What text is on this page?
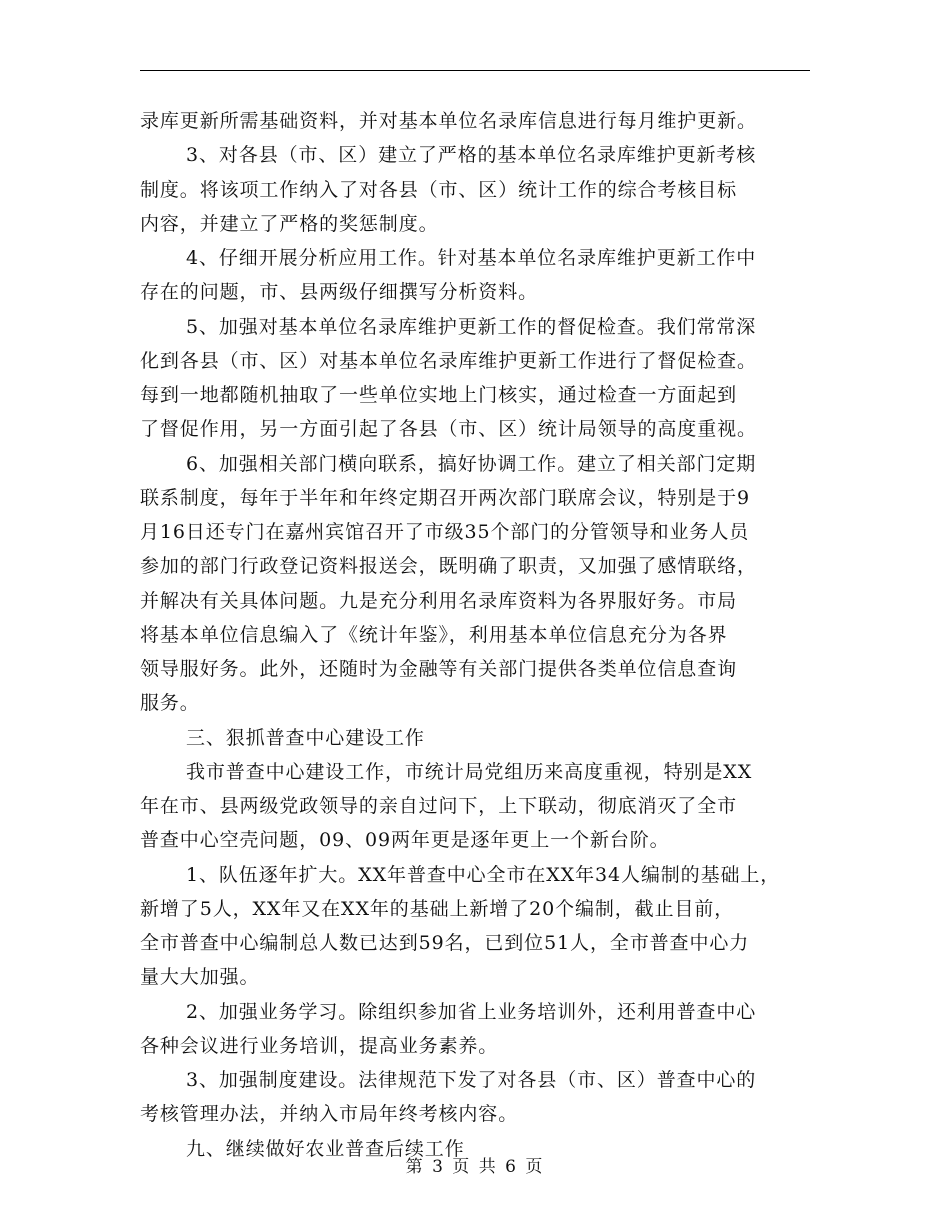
录库更新所需基础资料，并对基本单位名录库信息进行每月维护更新。
3、对各县（市、区）建立了严格的基本单位名录库维护更新考核
制度。将该项工作纳入了对各县（市、区）统计工作的综合考核目标
内容，并建立了严格的奖惩制度。
4、仔细开展分析应用工作。针对基本单位名录库维护更新工作中
存在的问题，市、县两级仔细撰写分析资料。
5、加强对基本单位名录库维护更新工作的督促检查。我们常常深
化到各县（市、区）对基本单位名录库维护更新工作进行了督促检查。
每到一地都随机抽取了一些单位实地上门核实，通过检查一方面起到
了督促作用，另一方面引起了各县（市、区）统计局领导的高度重视。
6、加强相关部门横向联系，搞好协调工作。建立了相关部门定期
联系制度，每年于半年和年终定期召开两次部门联席会议，特别是于9
月16日还专门在嘉州宾馆召开了市级35个部门的分管领导和业务人员
参加的部门行政登记资料报送会，既明确了职责，又加强了感情联络，
并解决有关具体问题。九是充分利用名录库资料为各界服好务。市局
将基本单位信息编入了《统计年鉴》，利用基本单位信息充分为各界
领导服好务。此外，还随时为金融等有关部门提供各类单位信息查询
服务。
三、狠抓普查中心建设工作
我市普查中心建设工作，市统计局党组历来高度重视，特别是XX
年在市、县两级党政领导的亲自过问下，上下联动，彻底消灭了全市
普查中心空壳问题，09、09两年更是逐年更上一个新台阶。
1、队伍逐年扩大。XX年普查中心全市在XX年34人编制的基础上，
新增了5人，XX年又在XX年的基础上新增了20个编制，截止目前，
全市普查中心编制总人数已达到59名，已到位51人，全市普查中心力
量大大加强。
2、加强业务学习。除组织参加省上业务培训外，还利用普查中心
各种会议进行业务培训，提高业务素养。
3、加强制度建设。法律规范下发了对各县（市、区）普查中心的
考核管理办法，并纳入市局年终考核内容。
九、继续做好农业普查后续工作
第 3 页 共 6 页
